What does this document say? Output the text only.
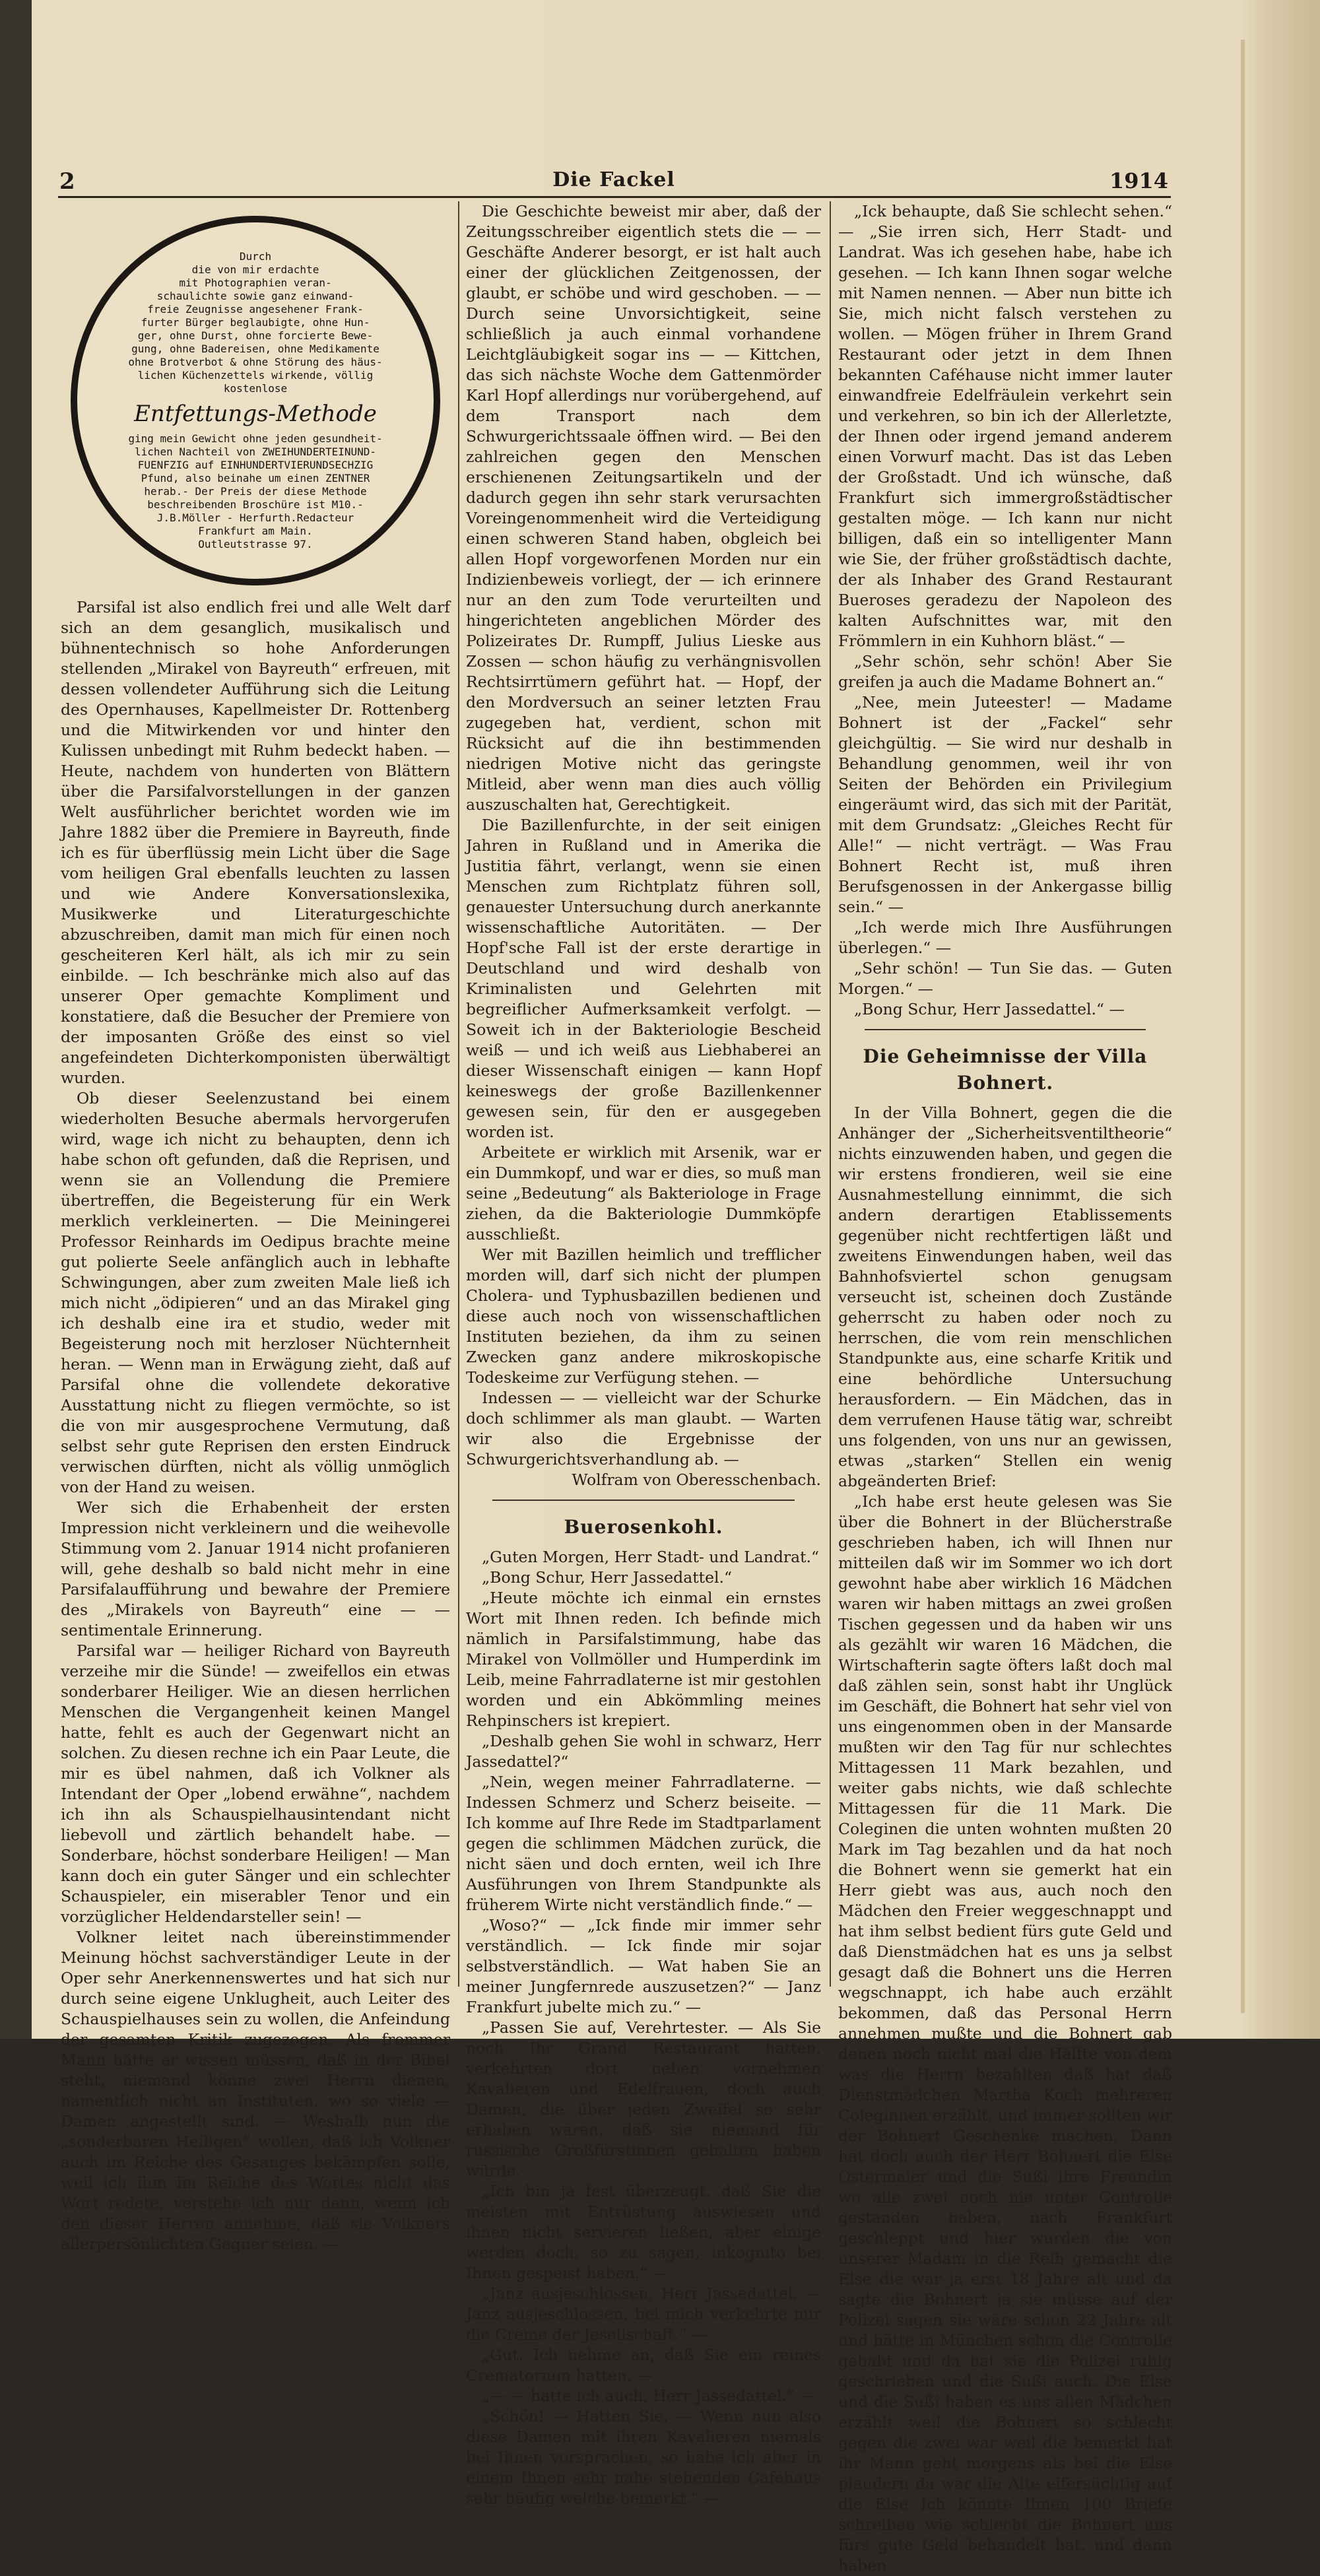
2	Die Fackel	1914
Durch
die von mir erdachte
mit Photographien veran-
schaulichte sowie ganz einwand-
freie Zeugnisse angesehener Frank-
furter Bürger beglaubigte, ohne Hun-
ger, ohne Durst, ohne forcierte Bewe-
gung, ohne Badereisen, ohne Medikamente
ohne Brotverbot & ohne Störung des häus-
lichen Küchenzettels wirkende, völlig
kostenlose
Entfettungs-Methode
ging mein Gewicht ohne jeden gesundheit-
lichen Nachteil von ZWEIHUNDERTEINUND-
FUENFZIG auf EINHUNDERTVIERUNDSECHZIG
Pfund, also beinahe um einen ZENTNER
herab.- Der Preis der diese Methode
beschreibenden Broschüre ist M10.-
J.B.Möller - Herfurth.Redacteur
Frankfurt am Main.
Outleutstrasse 97.

Parsifal ist also endlich frei und alle Welt darf sich an dem gesanglich, musikalisch und bühnentechnisch so hohe Anforderungen stellenden „Mirakel von Bayreuth“ erfreuen, mit dessen vollendeter Aufführung sich die Leitung des Opernhauses, Kapellmeister Dr. Rottenberg und die Mitwirkenden vor und hinter den Kulissen unbedingt mit Ruhm bedeckt haben. — Heute, nachdem von hunderten von Blättern über die Parsifalvorstellungen in der ganzen Welt ausführlicher berichtet worden wie im Jahre 1882 über die Premiere in Bayreuth, finde ich es für überflüssig mein Licht über die Sage vom heiligen Gral ebenfalls leuchten zu lassen und wie Andere Konversationslexika, Musikwerke und Literaturgeschichte abzuschreiben, damit man mich für einen noch gescheiteren Kerl hält, als ich mir zu sein einbilde. — Ich beschränke mich also auf das unserer Oper gemachte Kompliment und konstatiere, daß die Besucher der Premiere von der imposanten Größe des einst so viel angefeindeten Dichterkomponisten überwältigt wurden.

Ob dieser Seelenzustand bei einem wiederholten Besuche abermals hervorgerufen wird, wage ich nicht zu behaupten, denn ich habe schon oft gefunden, daß die Reprisen, und wenn sie an Vollendung die Premiere übertreffen, die Begeisterung für ein Werk merklich verkleinerten. — Die Meiningerei Professor Reinhards im Oedipus brachte meine gut polierte Seele anfänglich auch in lebhafte Schwingungen, aber zum zweiten Male ließ ich mich nicht „ödipieren“ und an das Mirakel ging ich deshalb eine ira et studio, weder mit Begeisterung noch mit herzloser Nüchternheit heran. — Wenn man in Erwägung zieht, daß auf Parsifal ohne die vollendete dekorative Ausstattung nicht zu fliegen vermöchte, so ist die von mir ausgesprochene Vermutung, daß selbst sehr gute Reprisen den ersten Eindruck verwischen dürften, nicht als völlig unmöglich von der Hand zu weisen.

Wer sich die Erhabenheit der ersten Impression nicht verkleinern und die weihevolle Stimmung vom 2. Januar 1914 nicht profanieren will, gehe deshalb so bald nicht mehr in eine Parsifalaufführung und bewahre der Premiere des „Mirakels von Bayreuth“ eine — — sentimentale Erinnerung.

Parsifal war — heiliger Richard von Bayreuth verzeihe mir die Sünde! — zweifellos ein etwas sonderbarer Heiliger. Wie an diesen herrlichen Menschen die Vergangenheit keinen Mangel hatte, fehlt es auch der Gegenwart nicht an solchen. Zu diesen rechne ich ein Paar Leute, die mir es übel nahmen, daß ich Volkner als Intendant der Oper „lobend erwähne“, nachdem ich ihn als Schauspielhausintendant nicht liebevoll und zärtlich behandelt habe. — Sonderbare, höchst sonderbare Heiligen! — Man kann doch ein guter Sänger und ein schlechter Schauspieler, ein miserabler Tenor und ein vorzüglicher Heldendarsteller sein! —

Volkner leitet nach übereinstimmender Meinung höchst sachverständiger Leute in der Oper sehr Anerkennenswertes und hat sich nur durch seine eigene Unklugheit, auch Leiter des Schauspielhauses sein zu wollen, die Anfeindung der gesamten Kritik zugezogen. Als frommer Mann hätte er wissen müssen, daß in der Bibel steht, niemand könne zwei Herrn dienen, namentlich nicht an Instituten, wo so viele — Damen angestellt sind. — Weshalb nun die „sonderbaren Heiligen“ wollen, daß ich Volkner auch im Reiche des Gesanges bekämpfen solle, weil ich ihm im Reiche des Wortes nicht das Wort redete, verstehe ich nur dann, wenn ich den dieser Herren annehme, daß sie Volkners allerpersönlichten Gegner seien. —

Die Geschichte beweist mir aber, daß der Zeitungsschreiber eigentlich stets die — — Geschäfte Anderer besorgt, er ist halt auch einer der glücklichen Zeitgenossen, der glaubt, er schöbe und wird geschoben. — — Durch seine Unvorsichtigkeit, seine schließlich ja auch einmal vorhandene Leichtgläubigkeit sogar ins — — Kittchen, das sich nächste Woche dem Gattenmörder Karl Hopf allerdings nur vorübergehend, auf dem Transport nach dem Schwurgerichtssaale öffnen wird. — Bei den zahlreichen gegen den Menschen erschienenen Zeitungsartikeln und der dadurch gegen ihn sehr stark verursachten Voreingenommenheit wird die Verteidigung einen schweren Stand haben, obgleich bei allen Hopf vorgeworfenen Morden nur ein Indizienbeweis vorliegt, der — ich erinnere nur an den zum Tode verurteilten und hingerichteten angeblichen Mörder des Polizeirates Dr. Rumpff, Julius Lieske aus Zossen — schon häufig zu verhängnisvollen Rechtsirrtümern geführt hat. — Hopf, der den Mordversuch an seiner letzten Frau zugegeben hat, verdient, schon mit Rücksicht auf die ihn bestimmenden niedrigen Motive nicht das geringste Mitleid, aber wenn man dies auch völlig auszuschalten hat, Gerechtigkeit.

Die Bazillenfurchte, in der seit einigen Jahren in Rußland und in Amerika die Justitia fährt, verlangt, wenn sie einen Menschen zum Richtplatz führen soll, genauester Untersuchung durch anerkannte wissenschaftliche Autoritäten. — Der Hopf'sche Fall ist der erste derartige in Deutschland und wird deshalb von Kriminalisten und Gelehrten mit begreiflicher Aufmerksamkeit verfolgt. — Soweit ich in der Bakteriologie Bescheid weiß — und ich weiß aus Liebhaberei an dieser Wissenschaft einigen — kann Hopf keineswegs der große Bazillenkenner gewesen sein, für den er ausgegeben worden ist.

Arbeitete er wirklich mit Arsenik, war er ein Dummkopf, und war er dies, so muß man seine „Bedeutung“ als Bakteriologe in Frage ziehen, da die Bakteriologie Dummköpfe ausschließt.

Wer mit Bazillen heimlich und trefflicher morden will, darf sich nicht der plumpen Cholera- und Typhusbazillen bedienen und diese auch noch von wissenschaftlichen Instituten beziehen, da ihm zu seinen Zwecken ganz andere mikroskopische Todeskeime zur Verfügung stehen. —

Indessen — — vielleicht war der Schurke doch schlimmer als man glaubt. — Warten wir also die Ergebnisse der Schwurgerichtsverhandlung ab. —

Wolfram von Oberesschenbach.

Buerosenkohl.

„Guten Morgen, Herr Stadt- und Landrat.“

„Bong Schur, Herr Jassedattel.“

„Heute möchte ich einmal ein ernstes Wort mit Ihnen reden. Ich befinde mich nämlich in Parsifalstimmung, habe das Mirakel von Vollmöller und Humperdink im Leib, meine Fahrradlaterne ist mir gestohlen worden und ein Abkömmling meines Rehpinschers ist krepiert.

„Deshalb gehen Sie wohl in schwarz, Herr Jassedattel?“

„Nein, wegen meiner Fahrradlaterne. — Indessen Schmerz und Scherz beiseite. — Ich komme auf Ihre Rede im Stadtparlament gegen die schlimmen Mädchen zurück, die nicht säen und doch ernten, weil ich Ihre Ausführungen von Ihrem Standpunkte als früherem Wirte nicht verständlich finde.“ —

„Woso?“ — „Ick finde mir immer sehr verständlich. — Ick finde mir sojar selbstverständlich. — Wat haben Sie an meiner Jungfernrede auszusetzen?“ — Janz Frankfurt jubelte mich zu.“ —

„Passen Sie auf, Verehrtester. — Als Sie noch Ihr Grand Restaurant hatten, verkehrten dort neben vornehmen Kavalieren und Edelfrauen, doch auch Damen, die über jeden Zweifel so sehr erhaben waren, daß sie niemand für russische Großfürstinnen gehalten haben würde.

„Ich bin ja fest überzeugt, daß Sie die meisten mit Entrüstung auswiesen und ihnen nicht servieren ließen, aber einige werden doch, so zu sagen, inkognito bei Ihnen gespeist haben.“ —

„Janz ausjeschlossen, Herr Jassedattel. — Janz ausjeschlossen, bei mich verkehrte nur die Crème der Jesellschaft.“ —

„Gut. Ich nehme an, daß Sie ein reines Crematorium hatten. —

„— — hatte ich auch, Herr Jassedattel.“ —

„Schön! — Hatten Sie. — Wenn nun also diese Damen mit ihren Kavalieren niemals bei Ihnen vorsprachen, so habe ich aber in einem Ihnen sehr nahe stehenden Caféhaus sehr häufig welche bemerkt.“ —

„Ick behaupte, daß Sie schlecht sehen.“ — „Sie irren sich, Herr Stadt- und Landrat. Was ich gesehen habe, habe ich gesehen. — Ich kann Ihnen sogar welche mit Namen nennen. — Aber nun bitte ich Sie, mich nicht falsch verstehen zu wollen. — Mögen früher in Ihrem Grand Restaurant oder jetzt in dem Ihnen bekannten Caféhause nicht immer lauter einwandfreie Edelfräulein verkehrt sein und verkehren, so bin ich der Allerletzte, der Ihnen oder irgend jemand anderem einen Vorwurf macht. Das ist das Leben der Großstadt. Und ich wünsche, daß Frankfurt sich immergroßstädtischer gestalten möge. — Ich kann nur nicht billigen, daß ein so intelligenter Mann wie Sie, der früher großstädtisch dachte, der als Inhaber des Grand Restaurant Bueroses geradezu der Napoleon des kalten Aufschnittes war, mit den Frömmlern in ein Kuhhorn bläst.“ —

„Sehr schön, sehr schön! Aber Sie greifen ja auch die Madame Bohnert an.“

„Nee, mein Juteester! — Madame Bohnert ist der „Fackel“ sehr gleichgültig. — Sie wird nur deshalb in Behandlung genommen, weil ihr von Seiten der Behörden ein Privilegium eingeräumt wird, das sich mit der Parität, mit dem Grundsatz: „Gleiches Recht für Alle!“ — nicht verträgt. — Was Frau Bohnert Recht ist, muß ihren Berufsgenossen in der Ankergasse billig sein.“ —

„Ich werde mich Ihre Ausführungen überlegen.“ —

„Sehr schön! — Tun Sie das. — Guten Morgen.“ —

„Bong Schur, Herr Jassedattel.“ —

Die Geheimnisse der Villa Bohnert.

In der Villa Bohnert, gegen die die Anhänger der „Sicherheitsventiltheorie“ nichts einzuwenden haben, und gegen die wir erstens frondieren, weil sie eine Ausnahmestellung einnimmt, die sich andern derartigen Etablissements gegenüber nicht rechtfertigen läßt und zweitens Einwendungen haben, weil das Bahnhofsviertel schon genugsam verseucht ist, scheinen doch Zustände geherrscht zu haben oder noch zu herrschen, die vom rein menschlichen Standpunkte aus, eine scharfe Kritik und eine behördliche Untersuchung herausfordern. — Ein Mädchen, das in dem verrufenen Hause tätig war, schreibt uns folgenden, von uns nur an gewissen, etwas „starken“ Stellen ein wenig abgeänderten Brief:

„Ich habe erst heute gelesen was Sie über die Bohnert in der Blücherstraße geschrieben haben, ich will Ihnen nur mitteilen daß wir im Sommer wo ich dort gewohnt habe aber wirklich 16 Mädchen waren wir haben mittags an zwei großen Tischen gegessen und da haben wir uns als gezählt wir waren 16 Mädchen, die Wirtschafterin sagte öfters laßt doch mal daß zählen sein, sonst habt ihr Unglück im Geschäft, die Bohnert hat sehr viel von uns eingenommen oben in der Mansarde mußten wir den Tag für nur schlechtes Mittagessen 11 Mark bezahlen, und weiter gabs nichts, wie daß schlechte Mittagessen für die 11 Mark. Die Coleginen die unten wohnten mußten 20 Mark im Tag bezahlen und da hat noch die Bohnert wenn sie gemerkt hat ein Herr giebt was aus, auch noch den Mädchen den Freier weggeschnappt und hat ihm selbst bedient fürs gute Geld und daß Dienstmädchen hat es uns ja selbst gesagt daß die Bohnert uns die Herren wegschnappt, ich habe auch erzählt bekommen, daß das Personal Herrn annehmen mußte und die Bohnert gab denen noch nicht mal die Hälfte von dem was die Herrn bezahlten daß hat daß Dienstmädchen Martha Koch mehreren Coleginnen erzählt, und immer sollten wir der Bohnert Geschenke machen. Dann hat doch auch der Herr Bohnert die Else Ostermaier und die Sußi ihre Freundin wo alle zwei noch nie unter Controlle gestanden haben, nach Frankfurt geschleppt und hier wurden die von unserer Madam in die Reih gemacht die Else die war ja erst 18 Jahre alt und da sagte die Bohnert ja sie müsse auf der Polizei sagen sie wäre schon 22 Jahre alt und hätte in München schon die Controlle gehabt und da hat sie die Polizei ruhig geschrieben und die Sußi auch. Die Else und die Sußi haben es uns allen Mädchen erzählt weil die Bohnert so schlecht gegen die zwei war weil die bemerkt hat ihr Mann geht morgens als bei die Else plaudern da war die Alte eifersüchtig auf die Else Ich könnte Ihnen 100 Briefe schreiben wie schlecht die Bohnert uns fürs gute Geld behandelt hat, und dann haben
